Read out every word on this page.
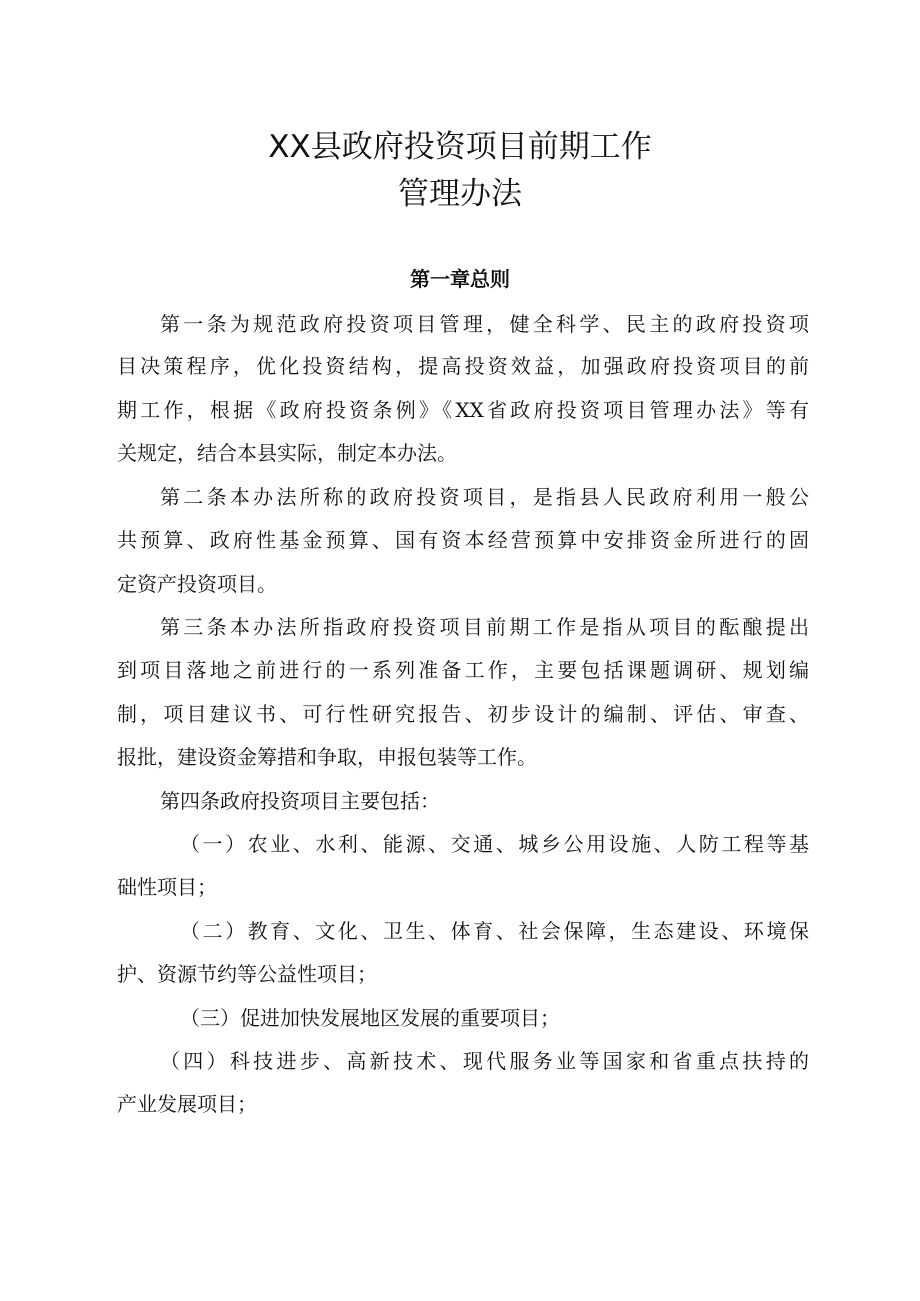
XX县政府投资项目前期工作
管理办法
第一章总则
第一条为规范政府投资项目管理，健全科学、民主的政府投资项
目决策程序，优化投资结构，提高投资效益，加强政府投资项目的前
期工作，根据《政府投资条例》《XX省政府投资项目管理办法》等有
关规定，结合本县实际，制定本办法。
第二条本办法所称的政府投资项目，是指县人民政府利用一般公
共预算、政府性基金预算、国有资本经营预算中安排资金所进行的固
定资产投资项目。
第三条本办法所指政府投资项目前期工作是指从项目的酝酿提出
到项目落地之前进行的一系列准备工作，主要包括课题调研、规划编
制，项目建议书、可行性研究报告、初步设计的编制、评估、审查、
报批，建设资金筹措和争取，申报包装等工作。
第四条政府投资项目主要包括：
（一）农业、水利、能源、交通、城乡公用设施、人防工程等基
础性项目；
（二）教育、文化、卫生、体育、社会保障，生态建设、环境保
护、资源节约等公益性项目；
（三）促进加快发展地区发展的重要项目；
（四）科技进步、高新技术、现代服务业等国家和省重点扶持的
产业发展项目；
